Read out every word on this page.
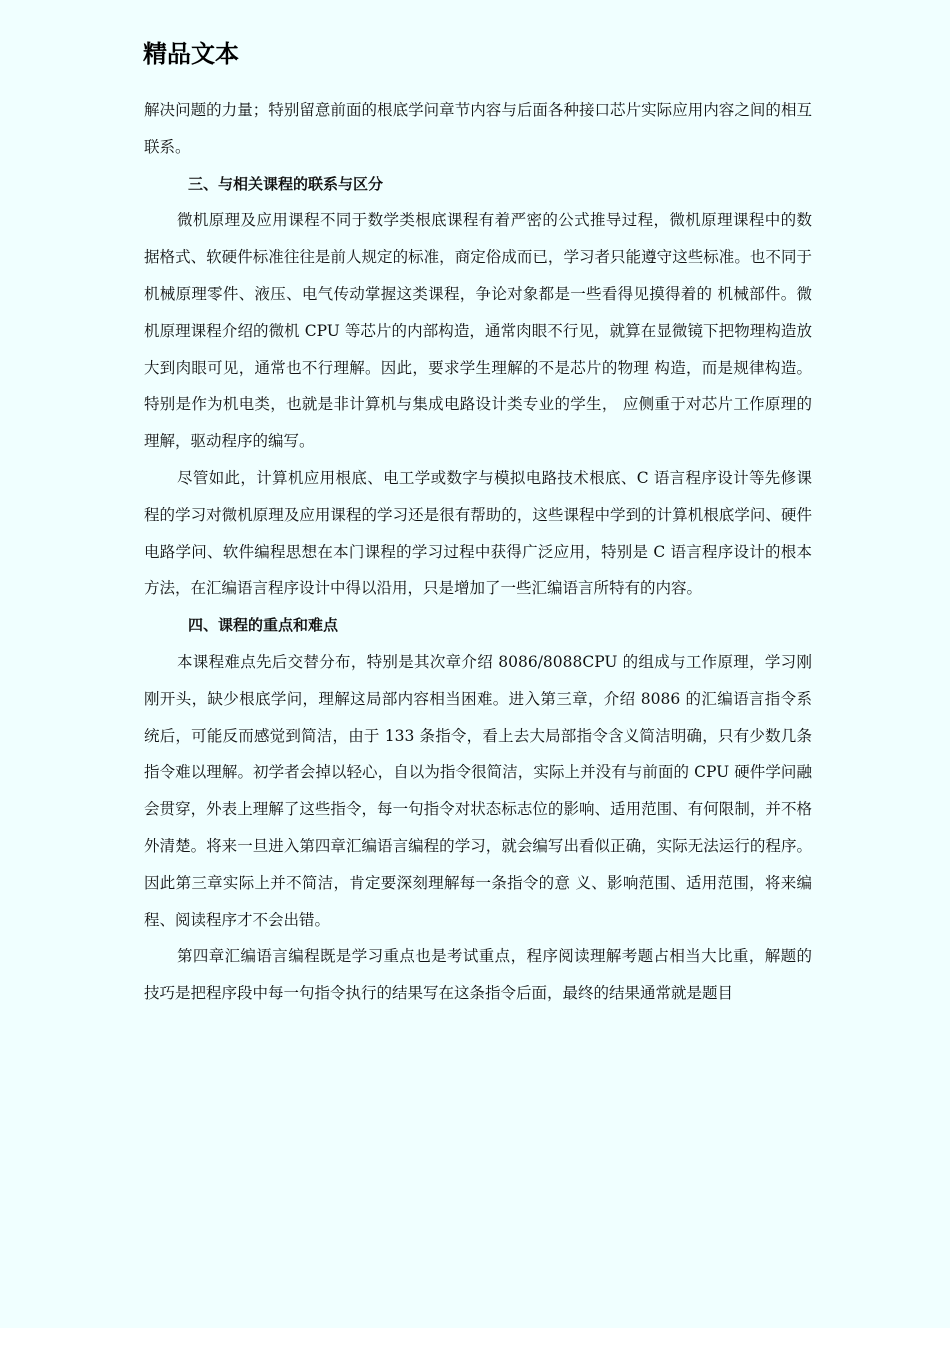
精品文本

解决问题的力量；特别留意前面的根底学问章节内容与后面各种接口芯片实际应用内容之间的相互联系。

三、与相关课程的联系与区分

微机原理及应用课程不同于数学类根底课程有着严密的公式推导过程，微机原理课程中的数据格式、软硬件标准往往是前人规定的标准，商定俗成而已，学习者只能遵守这些标准。也不同于机械原理零件、液压、电气传动掌握这类课程，争论对象都是一些看得见摸得着的 机械部件。微机原理课程介绍的微机 CPU 等芯片的内部构造，通常肉眼不行见，就算在显微镜下把物理构造放大到肉眼可见，通常也不行理解。因此，要求学生理解的不是芯片的物理 构造，而是规律构造。特别是作为机电类，也就是非计算机与集成电路设计类专业的学生， 应侧重于对芯片工作原理的理解，驱动程序的编写。

尽管如此，计算机应用根底、电工学或数字与模拟电路技术根底、C 语言程序设计等先修课程的学习对微机原理及应用课程的学习还是很有帮助的，这些课程中学到的计算机根底学问、硬件电路学问、软件编程思想在本门课程的学习过程中获得广泛应用，特别是 C 语言程序设计的根本方法，在汇编语言程序设计中得以沿用，只是增加了一些汇编语言所特有的内容。

四、课程的重点和难点

本课程难点先后交替分布，特别是其次章介绍 8086/8088CPU 的组成与工作原理，学习刚刚开头，缺少根底学问，理解这局部内容相当困难。进入第三章，介绍 8086 的汇编语言指令系统后，可能反而感觉到简洁，由于 133 条指令，看上去大局部指令含义简洁明确，只有少数几条指令难以理解。初学者会掉以轻心，自以为指令很简洁，实际上并没有与前面的 CPU 硬件学问融会贯穿，外表上理解了这些指令，每一句指令对状态标志位的影响、适用范围、有何限制，并不格外清楚。将来一旦进入第四章汇编语言编程的学习，就会编写出看似正确，实际无法运行的程序。因此第三章实际上并不简洁，肯定要深刻理解每一条指令的意 义、影响范围、适用范围，将来编程、阅读程序才不会出错。

第四章汇编语言编程既是学习重点也是考试重点，程序阅读理解考题占相当大比重，解题的技巧是把程序段中每一句指令执行的结果写在这条指令后面，最终的结果通常就是题目
